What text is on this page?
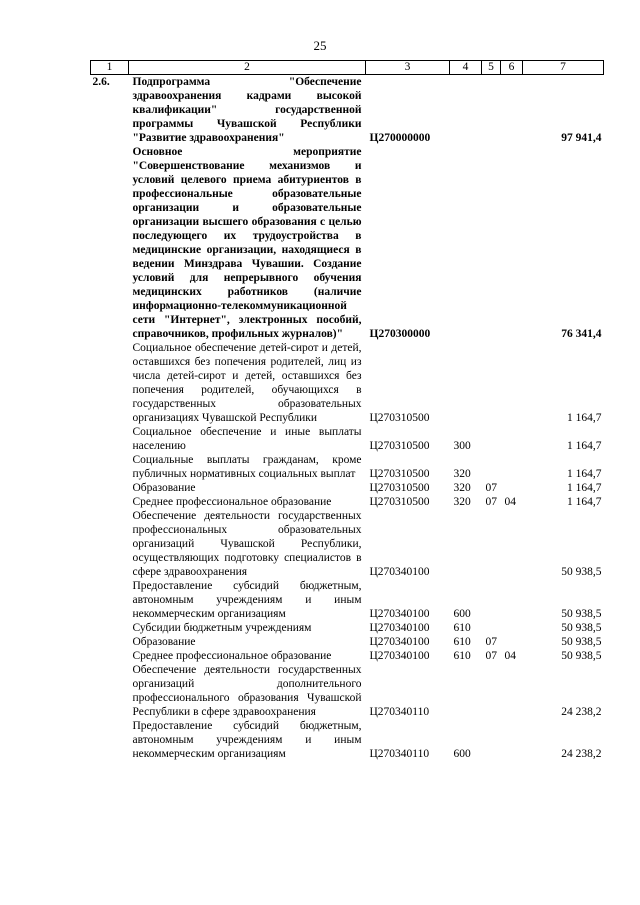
25
1	2	3	4	5	6	7
2.6.	Подпрограмма "Обеспечение здравоохранения кадрами высокой квалификации" государственной программы Чувашской Республики "Развитие здравоохранения"	Ц270000000				97 941,4
	Основное мероприятие "Совершенствование механизмов и условий целевого приема абитуриентов в профессиональные образовательные организации и образовательные организации высшего образования с целью последующего их трудоустройства в медицинские организации, находящиеся в ведении Минздрава Чувашии. Создание условий для непрерывного обучения медицинских работников (наличие информационно-телекоммуникационной сети "Интернет", электронных пособий, справочников, профильных журналов)"	Ц270300000				76 341,4
	Социальное обеспечение детей-сирот и детей, оставшихся без попечения родителей, лиц из числа детей-сирот и детей, оставшихся без попечения родителей, обучающихся в государственных образовательных организациях Чувашской Республики	Ц270310500				1 164,7
	Социальное обеспечение и иные выплаты населению	Ц270310500	300			1 164,7
	Социальные выплаты гражданам, кроме публичных нормативных социальных выплат	Ц270310500	320			1 164,7
	Образование	Ц270310500	320	07		1 164,7
	Среднее профессиональное образование	Ц270310500	320	07	04	1 164,7
	Обеспечение деятельности государственных профессиональных образовательных организаций Чувашской Республики, осуществляющих подготовку специалистов в сфере здравоохранения	Ц270340100				50 938,5
	Предоставление субсидий бюджетным, автономным учреждениям и иным некоммерческим организациям	Ц270340100	600			50 938,5
	Субсидии бюджетным учреждениям	Ц270340100	610			50 938,5
	Образование	Ц270340100	610	07		50 938,5
	Среднее профессиональное образование	Ц270340100	610	07	04	50 938,5
	Обеспечение деятельности государственных организаций дополнительного профессионального образования Чувашской Республики в сфере здравоохранения	Ц270340110				24 238,2
	Предоставление субсидий бюджетным, автономным учреждениям и иным некоммерческим организациям	Ц270340110	600			24 238,2
